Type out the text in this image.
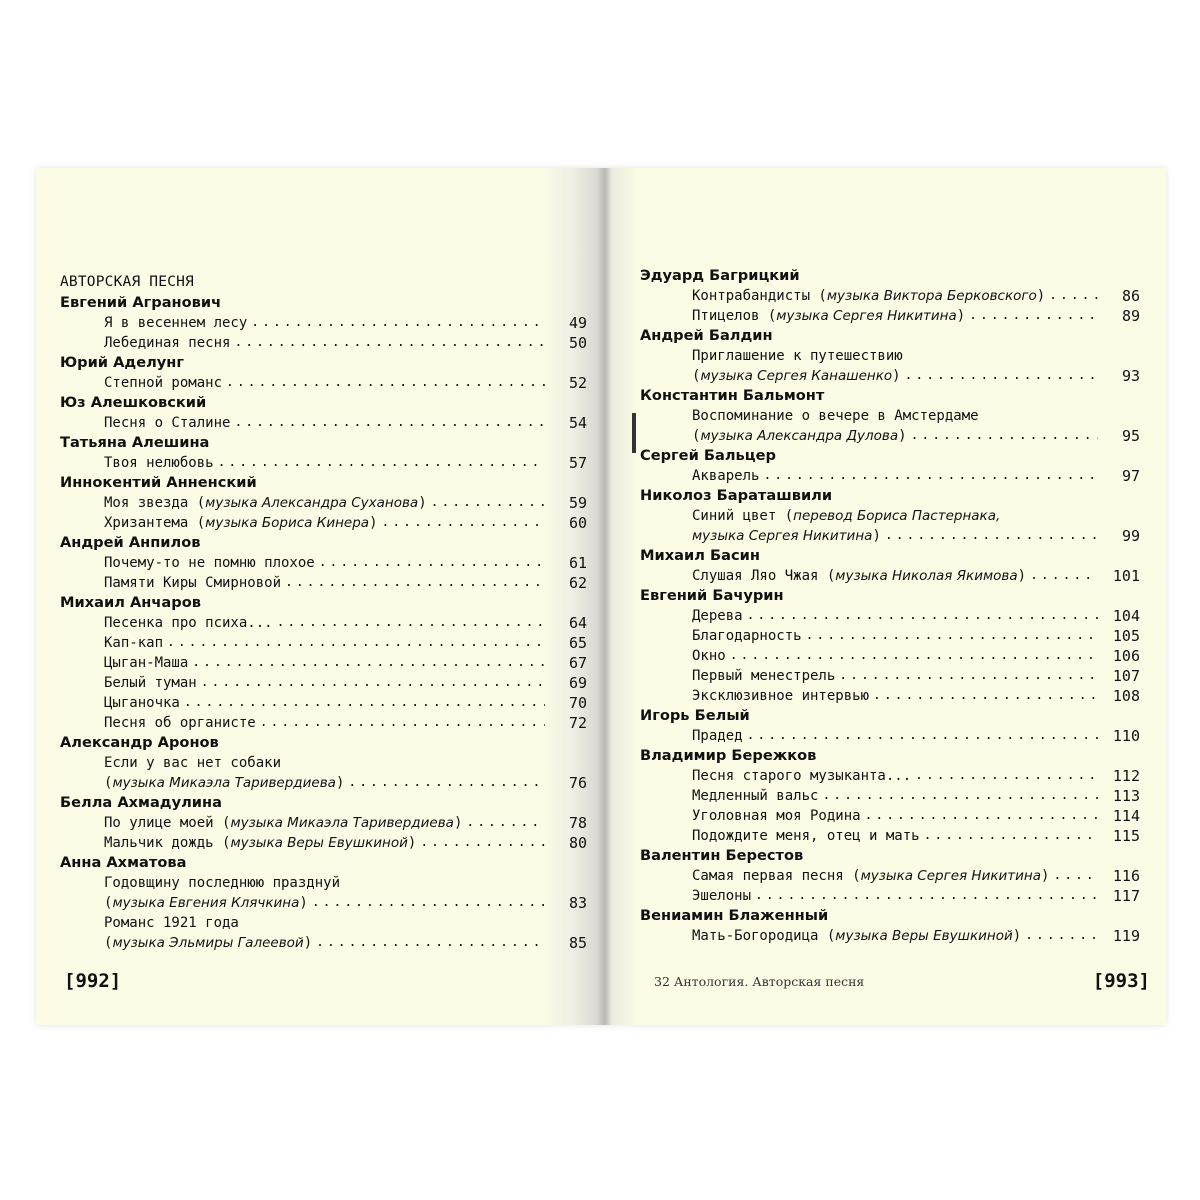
АВТОРСКАЯ ПЕСНЯ
Евгений Агранович
Я в весеннем лесу .....	49
Лебединая песня .....	50
Юрий Аделунг
Степной романс .....	52
Юз Алешковский
Песня о Сталине .....	54
Татьяна Алешина
Твоя нелюбовь .....	57
Иннокентий Анненский
Моя звезда (музыка Александра Суханова) .....	59
Хризантема (музыка Бориса Кинера) .....	60
Андрей Анпилов
Почему-то не помню плохое .....	61
Памяти Киры Смирновой .....	62
Михаил Анчаров
Песенка про психа... .....	64
Кап-кап .....	65
Цыган-Маша .....	67
Белый туман .....	69
Цыганочка .....	70
Песня об органисте .....	72
Александр Аронов
Если у вас нет собаки
(музыка Микаэла Таривердиева) .....	76
Белла Ахмадулина
По улице моей (музыка Микаэла Таривердиева) .....	78
Мальчик дождь (музыка Веры Евушкиной) .....	80
Анна Ахматова
Годовщину последнюю празднуй
(музыка Евгения Клячкина) .....	83
Романс 1921 года
(музыка Эльмиры Галеевой) .....	85
[992]
Эдуард Багрицкий
Контрабандисты (музыка Виктора Берковского) .....	86
Птицелов (музыка Сергея Никитина) .....	89
Андрей Балдин
Приглашение к путешествию
(музыка Сергея Канашенко) .....	93
Константин Бальмонт
Воспоминание о вечере в Амстердаме
(музыка Александра Дулова) .....	95
Сергей Бальцер
Акварель .....	97
Николоз Бараташвили
Синий цвет (перевод Бориса Пастернака,
музыка Сергея Никитина) .....	99
Михаил Басин
Слушая Ляо Чжая (музыка Николая Якимова) .....	101
Евгений Бачурин
Дерева .....	104
Благодарность .....	105
Окно .....	106
Первый менестрель .....	107
Эксклюзивное интервью .....	108
Игорь Белый
Прадед .....	110
Владимир Бережков
Песня старого музыканта... .....	112
Медленный вальс .....	113
Уголовная моя Родина .....	114
Подождите меня, отец и мать .....	115
Валентин Берестов
Самая первая песня (музыка Сергея Никитина) .....	116
Эшелоны .....	117
Вениамин Блаженный
Мать-Богородица (музыка Веры Евушкиной) .....	119
32 Антология. Авторская песня	[993]
